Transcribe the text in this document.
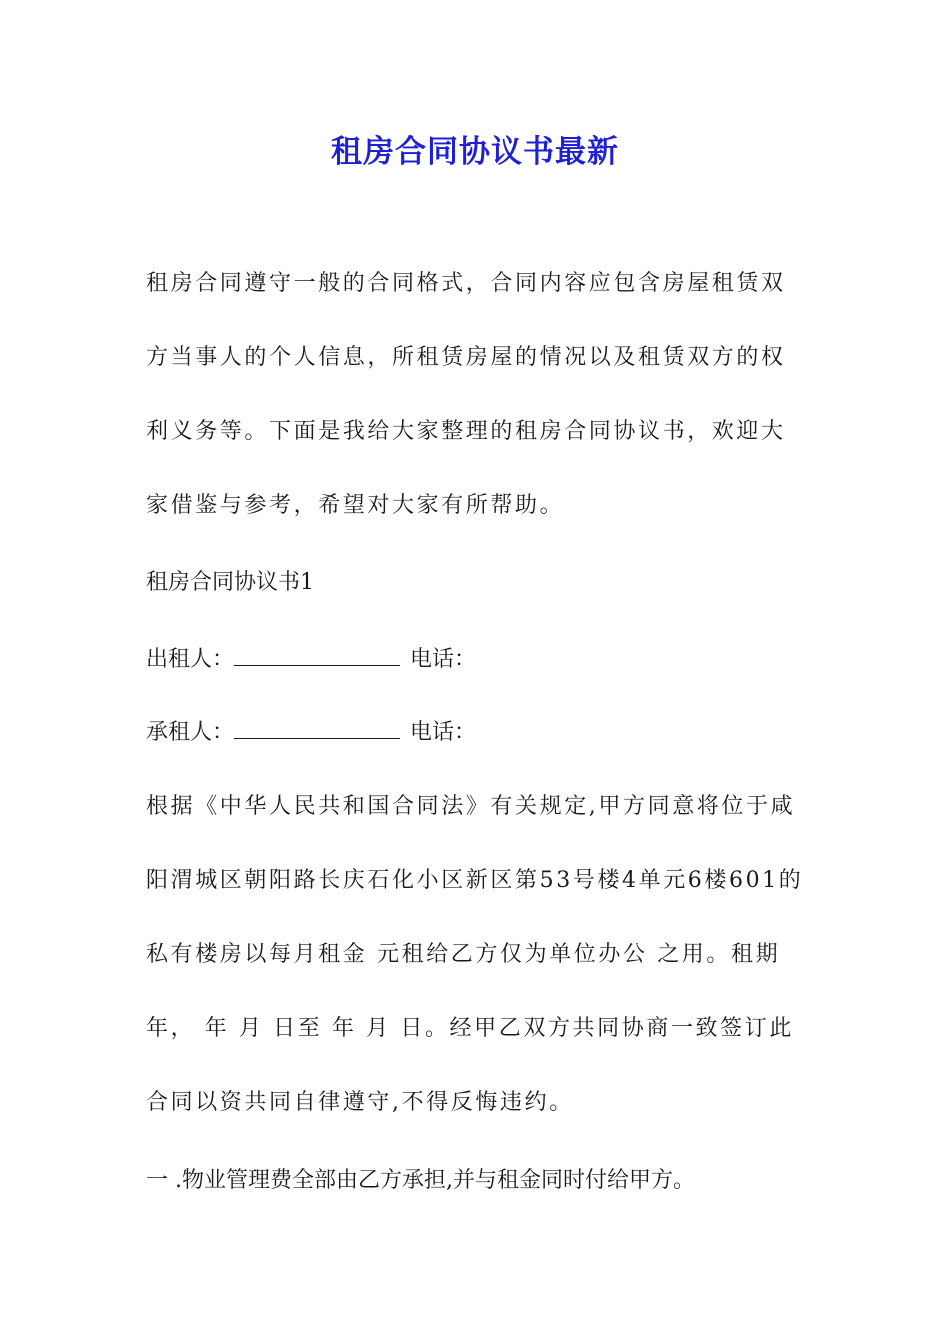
租房合同协议书最新

租房合同遵守一般的合同格式，合同内容应包含房屋租赁双方当事人的个人信息，所租赁房屋的情况以及租赁双方的权利义务等。下面是我给大家整理的租房合同协议书，欢迎大家借鉴与参考，希望对大家有所帮助。

租房合同协议书1

出租人：	电话：

承租人：	电话：

根据《中华人民共和国合同法》有关规定,甲方同意将位于咸阳渭城区朝阳路长庆石化小区新区第53号楼4单元6楼601的私有楼房以每月租金 元租给乙方仅为单位办公 之用。租期 年， 年 月 日至 年 月 日。经甲乙双方共同协商一致签订此合同以资共同自律遵守,不得反悔违约。

一 .物业管理费全部由乙方承担,并与租金同时付给甲方。
